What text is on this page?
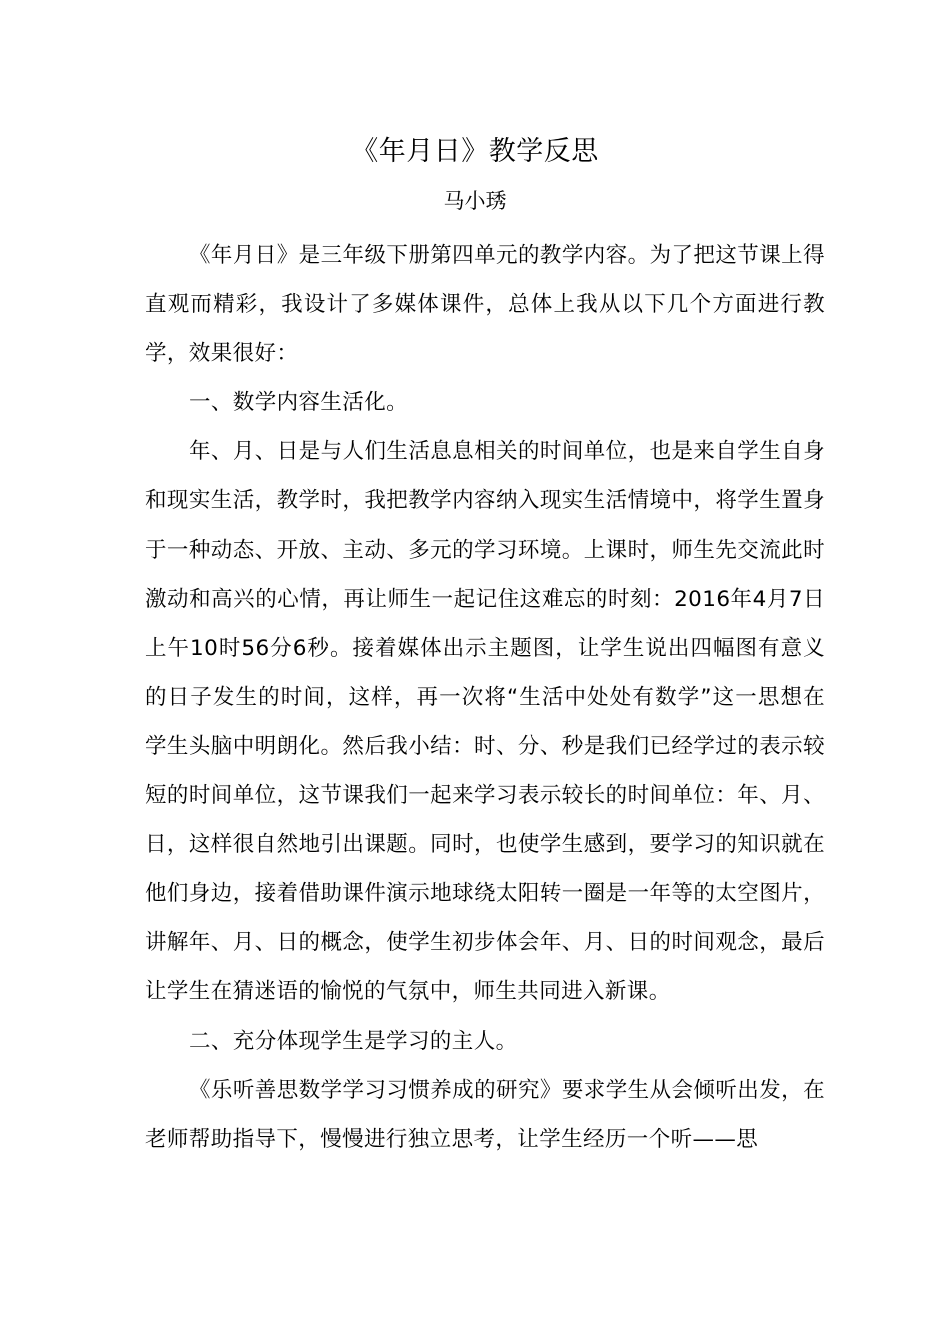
《年月日》教学反思
马小琇

《年月日》是三年级下册第四单元的教学内容。为了把这节课上得直观而精彩，我设计了多媒体课件，总体上我从以下几个方面进行教学，效果很好：

一、数学内容生活化。

年、月、日是与人们生活息息相关的时间单位，也是来自学生自身和现实生活，教学时，我把教学内容纳入现实生活情境中，将学生置身于一种动态、开放、主动、多元的学习环境。上课时，师生先交流此时激动和高兴的心情，再让师生一起记住这难忘的时刻：2016年4月7日上午10时56分6秒。接着媒体出示主题图，让学生说出四幅图有意义的日子发生的时间，这样，再一次将“生活中处处有数学”这一思想在学生头脑中明朗化。然后我小结：时、分、秒是我们已经学过的表示较短的时间单位，这节课我们一起来学习表示较长的时间单位：年、月、日，这样很自然地引出课题。同时，也使学生感到，要学习的知识就在他们身边，接着借助课件演示地球绕太阳转一圈是一年等的太空图片，讲解年、月、日的概念，使学生初步体会年、月、日的时间观念，最后让学生在猜迷语的愉悦的气氛中，师生共同进入新课。

二、充分体现学生是学习的主人。

《乐听善思数学学习习惯养成的研究》要求学生从会倾听出发，在老师帮助指导下，慢慢进行独立思考，让学生经历一个听——思
